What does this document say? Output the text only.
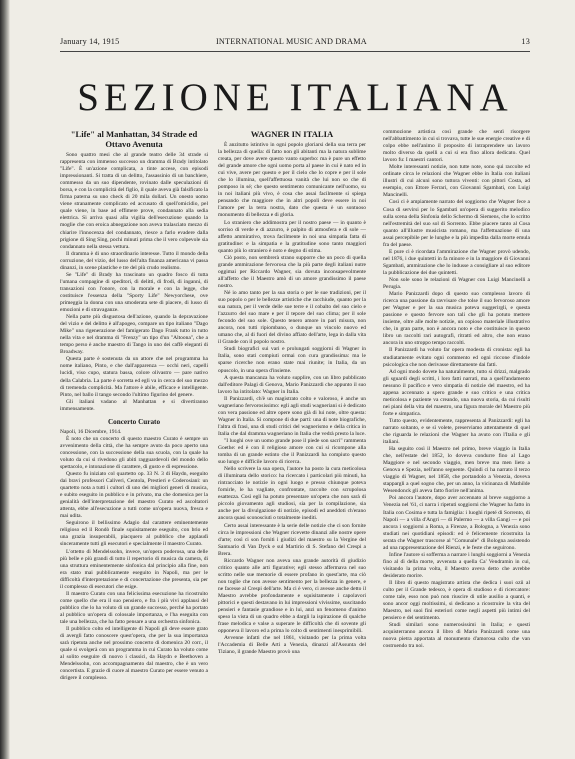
January 14, 1915	INTERNATIONAL MUSIC AND DRAMA	13
SEZIONE ITALIANA
"Life" al Manhattan, 34 Strade ed Ottavo Avenuta

Sono quattro mesi che al grande teatro delle 34 strade si rappresenta con immenso successo un dramma di Brady intitolato "Life". È un'azione complicata, a tinte accese, con episodi impressionanti. Si tratta di un delitto, l'assassinio di un banchiere, commesso da un suo dipendente, rovinato dalle speculazioni di borsa, e con la complicità del figlio, il quale aveva già falsificato la firma paterna su uno check di 20 mila dollari. Un onesto uomo viene stranamente complicato ed accusato di quell'omicidio, pel quale viene, in base ad effimere prove, condannato alla sedia elettrica. Si arriva quasi alla vigilia dell'esecuzione quando la moglie che con eroica abnegazione non aveva tralasciato mezzo di chiarire l'innocenza del condannato, riesce a farlo evadere dalla prigione di Sing Sing, pochi minuti prima che il vero colpevole sia condannato nella stessa vettura.

Il dramma è di uno straordinario interesse. Tutto il mondo della corruzione, del vizio, del lusso dell'alta finanza americana vi passa dinanzi, in scene plastiche e tre del più crudo realismo.

Se "Life" di Brady ha trascinato un quadro fosco di tutta l'umana compagine di speditori, di delitti, di frodi, di inganni, di transazioni con l'onore, con la morale e con la legge, che costituisce l'essenza della "Sporty Life" Newyorchese, ove primeggia la donna con una smoderata sete di piacere, di lusso di emozioni e di stravaganze.

Nella parte più disgustosa dell'azione, quando la depravazione del vizio e del delitto è all'apogeo, compare un tipo italiano "Dago Mike" una rigenerazione del famigerato Dago Frank tutto in tutto nella vita e nel dramma di "Frenzy" un tipo d'un "Altoona", che a tempo perso è anche maestro di Tango in uno dei caffè eleganti di Broadway.

Questa parte è sostenuta da un attore che nel programma ha nome italiano, Pinto, e che dall'apparenza — occhi neri, capelli lucidi, viso cupo, statura bassa, colore olivastro — pare nativo della Calabria. La parte è sorretta ed egli va in cerca del suo mezzo di tremenda complicità. Ma l'attore è abile, efficace e intelligente. Pinto, nel ballo il tango secondo l'ultimo figurino del genere.

Gli italiani vadano al Manhattan e si divertiranno immensamente.

Concerto Curato

Napoli, 16 Dicembre, 1914.

È noto che un concerto di questo maestro Curato è sempre un avvenimento della città, che ha sempre avuto da poco aperto una concessione, con la successione della sua scuola, con la quale ha voluto da cui si rivedono gli abiti ragguardevoli del mondo dello spettacolo, e intonazione di carattere, di gusto e di espressione.

Questo fu iniziato col quartetto op. 33 N. 3 di Haydn, eseguito dai bravi professori Caliveri, Centola, Prestieri e Coderosiani: un quartetto nota a tutti i cultori di uno dei migliori generi di musica, e subito eseguito in pubblico e in privato, ma che domenica per la genialità dell'interpretazione del maestro Curato ed ascoltatori attenta, ebbe all'esecuzione a tutti come un'opera nuova, fresca e mai udita.

Seguirono il bellissimo Adagio dal carattere eminentemente religioso ed il Rondò finale squisitamente eseguito, con brio ed una grazia insuperabili, piacquero al pubblico che applaudì sinceramente tutti gli esecutori e specialmente il maestro Curato.

L'ottetto di Mendelssohn, invece, un'opera poderosa, una delle più belle e più grandi di tutto il repertorio di musica da camera, di una struttura eminentemente sinfonica dal principio alla fine, non era stato mai pubblicamente eseguito in Napoli, ma per le difficoltà d'interpretazione e di concertazione che presenta, sia per il complesso di esecutori che esige.

Il maestro Curato con una felicissima esecuzione ha ricostruito come quello che era il suo pensiero, e fra i più vivi applausi del pubblico che lo ha voluto di un grande successo, perché ha portato al pubblico un'opera di colossale importanza, e l'ha eseguita con tale una bellezza, che ha fatto pensare a una orchestra sinfonica.

Il pubblico colto ed intelligente di Napoli gli deve essere grato di avergli fatto conoscere quest'opera, che per la sua importanza sarà ripetuta anche nel prossimo concerto di domenica 20 corr., il quale si svolgerà con un programma in cui Curato ha voluto come al solito eseguire di nuovo i classici, da Haydn e Beethoven a Mendelssohn, con accompagnamento dal maestro, che è un vero concertista. E grazie di cuore al maestro Curato per essere venuto a dirigere il complesso.

WAGNER IN ITALIA

È anzitutto istintivo in ogni popolo gloriarsi della sua terra per la bellezza di quella: di fatto non gli abitanti ma la natura sublime creata, per dove avere questo vanto superbo: ma è pure un effetto del grande amore che ogni uomo porta al paese in cui è nato ed in cui vive, avere per questo e per il cielo che lo copre e per il sole che lo illumina, quell'affettuosa vanità che lui non so che di pomposo in sé; che questo sentimento comunicante nell'uomo, su in noi italiani più vivo, è cosa che assai facilmente si spiega pensando che maggiore che in altri popoli deve essere in noi l'amore per la terra nostra, dato che questa è un sontuoso monumento di bellezza e di gloria.

Lo straniero che addimostra per il nostro paese — in quanto è sorriso di verde e di azzurro, è palpito di atmosfera e di sole — affetto ammirativo, trova facilmente in noi una simpatia fatta di gratitudine: e la simpatia e la gratitudine sono tanto maggiori quanto più lo straniero è noto e degno di stima.

Ciò posto, non sembrerà strano supporre che un poco di quella grande ammirazione fervorosa che la più parte degli italiani nutre oggimai per Riccardo Wagner, sia dovuta inconsapevolmente all'affetto che il Maestro amò di un amore grandissimo il paese nostro.

Né io amo tanto per la sua storia o per le sue tradizioni, per il suo popolo o per le bellezze artistiche che racchiude, quanto per la sua natura, per il verde delle sue terre e il cobalto del suo cielo e l'azzurro del suo mare e per il tepore del suo clima; per il sole fecondo del suo sole. Questo tenero amore in pari misura, non ancora, non tutti ripiombano, o dunque un vincolo nuovo ed umano che, al di fuori del divino affiato dell'arte, lega in dalla vita il Grande con il popolo nostro.

Studi biografici sui vari e prolungati soggiorni di Wagner in Italia, sono stati compiuti ormai con cura grandissima: ma le sparse ricerche non erano state mai riunite; in Italia, da un opuscolo, in una opera d'insieme.

A questa mancanza ha voluto supplire, con un libro pubblicato dall'editore Palagi di Genova, Mario Panizzardi che appunto il suo lavoro ha intitolato: Wagner in Italia.

Il Panizzardi, ch'è un magistrato colto e valoroso, è anche un wagneriano fervorosissimo: egli agli studi wagneriani si è dedicato con vera passione ed altre opere sono già di lui note, oltre questa: Wagner in Italia. Si compone di due parti: una di note biografiche, l'altra di frasi, una di studi critici del wagnerismo e della critica in Italia che dal dramma wagneriano in Italia che vedrà presto la luce.

"I luoghi ove un uomo grande pose il piede son sacri" rammenta Goethe: ed è con il religioso amore con cui si ricompone alla tomba di un grande estinto che il Panizzardi ha compiuto questo suo lungo e difficile lavoro di ricerca.

Nello scrivere la sua opera, l'autore ha posto la cura meticolosa di illuminata dello storico: ha ricercato i particolari più minuti, ha rintracciato le notizie in ogni luogo e presso chiunque poteva fornirle, le ha vagliate, confrontate, raccolte con scrupolosa esattezza. Così egli ha potuto presentare un'opera che non sarà di piccolo giovamento agli studiosi, sia per la compilazione, sia anche per la divulgazione di notizie, episodi ed aneddoti ch'erano ancora quasi sconosciuti o totalmente inediti.

Certo assai interessante è la serie delle notizie che ci son fornite circa le impressioni che Wagner ricevette dinanzi alle nostre opere d'arte; così ci son forniti i giudizi del maestro su la Vergine del Santuario di Van Dyck e sul Martirio di S. Stefano del Crespi a Brera.

Riccardo Wagner non aveva una grande autorità di giudizio critico quanto alle arti figurative; egli stesso affermava nel suo scritto nelle sue memorie di essere profano in quest'arte, ma ciò non toglie che non avesse sentimento per la bellezza in genere, e ne facesse al Crespi dell'arte. Ma ci è vero, ci avesse anche detto il Maestro avrebbe profondamente e squisitamente i capolavori pittorici e questi destavano in lui impressioni vivissime, suscitando pensieri e fantasie grandiose e in lui, anzi un fenomeno d'animo speso la vista di un quadro ebbe a dargli la ispirazione di qualche frase melodica e valse a superare le difficoltà che di sovente gli opponeva il lavoro ed a prima lo colto di sentimenti inesprimibili.

Avvenne infatti che nel 1861, visitando per la prima volta l'Accademia di Belle Arti a Venezia, dinanzi all'Assunta del Tiziano, il grande Maestro provò una

commozione artistica così grande che sentì risorgere nell'abbattimento in cui si trovava, tutte le sue energie creative e di colpo ebbe nell'animo il proposito di intraprendere un lavoro molto diverso da quelli a cui si era fino allora dedicato. Quel lavoro fu: I maestri cantori.

Molte interessanti notizie, non tutte note, sono qui raccolte ed ordinate circa le relazioni che Wagner ebbe in Italia con italiani illustri di cui alcuni sono tuttora viventi: con pittori Costa, ad esempio, con Ettore Ferrari, con Giovanni Sgambati, con Luigi Mancinelli.

Così ci è ampiamente narrato del soggiorno che Wagner fece a Cosa di servirsi per lo Sgambati un'opera di suggerito melodico sulla scena della Sinfonia dello Schermo di Siemens, che lo scritto nell'estremità del suo sol di Sorrento. Ebbe piacere tanto al Cosa quanto all'illustre musicista romano, ma l'affettuazione di una assai percepibile per le lunghe e la più impedita dalla morte emula fra del paese.

E pure ci è ricordata l'ammirazione che Wagner provò udendo, nel 1876, i due quintetti in fa minore e in la maggiore di Giovanni Sgambati, ammirazione che lo indusse a consigliare al suo editore la pubblicazione dei due quintetti.

Non sole sono le relazioni di Wagner con Luigi Mancinelli a Perugia.

Mario Panizzardi dopo di questo suo complesso lavoro di ricerca una passione da ravvisare che tolse il suo fervoroso amore per Wagner e per la sua musica poteva suggerirgli, e questa passione e questo fervore son tali che gli ha potuto mettere insieme, oltre alle molte notizie, un copioso materiale illustrativo che, in gran parte, non è ancora noto e che costituisce in questo libro un raccolti rari autografi, ritratti ed altro, che non erano ancora in uno stroppo tempo raccolti.

Il Panizzardi ha voluto far opera modesta di cronista: egli ha studiatamente evitato ogni commento ed ogni riccone d'indole psicologica che non derivasse direttamente dai fatti.

Ad ogni modo dovete ha naturalmente, tutto si drizzi, malgrado gli sguardi degli scritti, i loro fatti narrati, ma a quell'andamento nessuno il pacifico e vero simpatia di notizie del maestro, ed ha appena accennato a spero grande e suo critico e una critica meticolosa e paziente va creando, una nuova storia, da cui risulti nei piani della vita del maestro, una figura morale del Maestro più forte e simpatica.

Tutto questo, evidentemente, rappresenta al Panizzardi: egli ha narrato soltanto, e se sì volete, preserviamo attentamente di quel che riguarda le relazioni che Wagner ha avuto con l'Italia e gli italiani.

Ha seguito così il Maestro nel primo, breve viaggio in Italia che, nell'estate del 1852, lo doveva condurre fino al Lago Maggiore e nel secondo viaggio, men breve ma men lieto a Genova e Spezia, nell'anno seguente. Quindi ci ha narrato il terzo viaggio di Wagner, nel 1858, che portandolo a Venezia, doveva stappargli a quel sogno che, per un anno, la vicinanza di Mathilde Wesendonck gli aveva fatto fiorire nell'anima.

Poi ancora l'autore, dopo aver accennato al breve soggiorno a Venezia nel '61, ci narra i ripetuti soggiorni che Wagner ha fatto in Italia con Cosima e tutta la famiglia: i luoghi ripeté di Sorrento, di Napoli — a villa d'Angri — di Palermo — a villa Gangi — e poi ancora i soggiorni a Roma, a Firenze, a Bologna, a Venezia sono studiati nei quotidiani episodi: ed è felicemente ricostruita la serata che Wagner trascorse al "Comunale" di Bologna assistendo ad una rappresentazione del Rienzi, e le feste che seguirono.

Infine l'autore si sofferma a narrare i lunghi soggiorni a Venezia fino al dì della morte, avvenuta a quella Ca' Vendramin in cui, visitando la prima volta, il Maestro aveva detto che avrebbe desiderato morire.

Il libro di questo magistrato artista che dedica i suoi ozii al culto per il Grande tedesco, è opera di studioso e di ricercatore: come tale, esso non può non riuscire di utile ausilio a quanti, e sono ancor oggi moltissimi, si dedicano a ricostruire la vita del Maestro, nei suoi fini esteriori come negli aspetti più intimi del pensiero e del sentimento.

Studi similari sono numerosissimi in Italia; e questi acquisterranno ancora il libro di Mario Panizzardi come una nuova pietra apportata al monumento d'amorosa culto che van costruendo tra noi.
